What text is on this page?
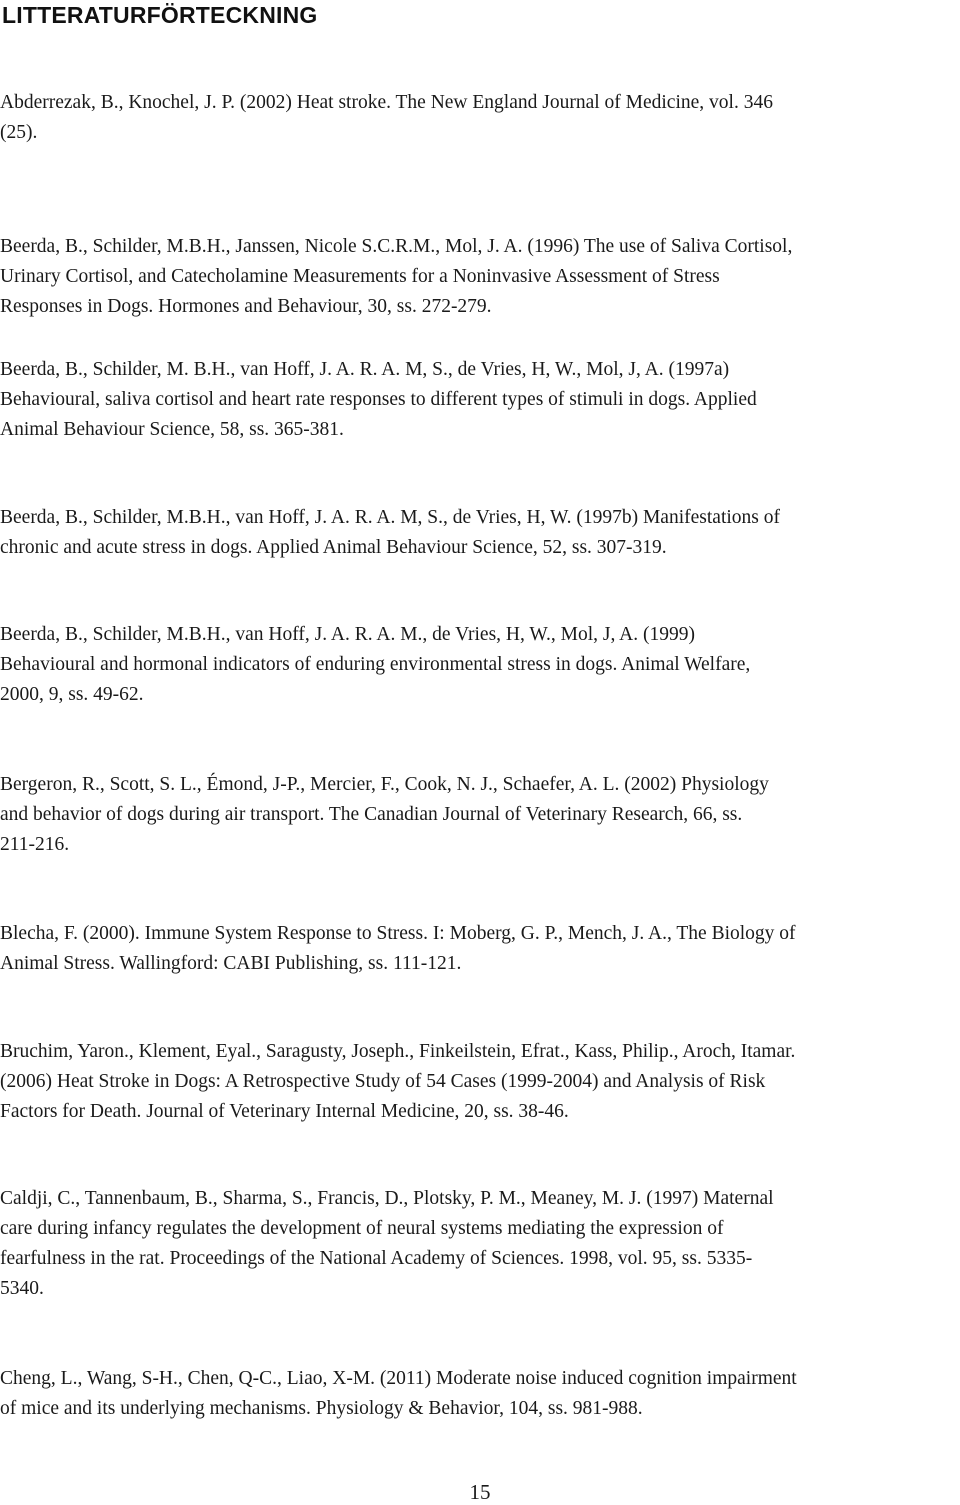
LITTERATURFÖRTECKNING
Abderrezak, B., Knochel, J. P. (2002) Heat stroke. The New England Journal of Medicine, vol. 346
(25).
Beerda, B., Schilder, M.B.H., Janssen, Nicole S.C.R.M., Mol, J. A. (1996) The use of Saliva Cortisol,
Urinary Cortisol, and Catecholamine Measurements for a Noninvasive Assessment of Stress
Responses in Dogs. Hormones and Behaviour, 30, ss. 272-279.
Beerda, B., Schilder, M. B.H., van Hoff, J. A. R. A. M, S., de Vries, H, W., Mol, J, A. (1997a)
Behavioural, saliva cortisol and heart rate responses to different types of stimuli in dogs. Applied
Animal Behaviour Science, 58, ss. 365-381.
Beerda, B., Schilder, M.B.H., van Hoff, J. A. R. A. M, S., de Vries, H, W. (1997b) Manifestations of
chronic and acute stress in dogs. Applied Animal Behaviour Science, 52, ss. 307-319.
Beerda, B., Schilder, M.B.H., van Hoff, J. A. R. A. M., de Vries, H, W., Mol, J, A. (1999)
Behavioural and hormonal indicators of enduring environmental stress in dogs. Animal Welfare,
2000, 9, ss. 49-62.
Bergeron, R., Scott, S. L., Émond, J-P., Mercier, F., Cook, N. J., Schaefer, A. L. (2002) Physiology
and behavior of dogs during air transport. The Canadian Journal of Veterinary Research, 66, ss.
211-216.
Blecha, F. (2000). Immune System Response to Stress. I: Moberg, G. P., Mench, J. A., The Biology of
Animal Stress. Wallingford: CABI Publishing, ss. 111-121.
Bruchim, Yaron., Klement, Eyal., Saragusty, Joseph., Finkeilstein, Efrat., Kass, Philip., Aroch, Itamar.
(2006) Heat Stroke in Dogs: A Retrospective Study of 54 Cases (1999-2004) and Analysis of Risk
Factors for Death. Journal of Veterinary Internal Medicine, 20, ss. 38-46.
Caldji, C., Tannenbaum, B., Sharma, S., Francis, D., Plotsky, P. M., Meaney, M. J. (1997) Maternal
care during infancy regulates the development of neural systems mediating the expression of
fearfulness in the rat. Proceedings of the National Academy of Sciences. 1998, vol. 95, ss. 5335-
5340.
Cheng, L., Wang, S-H., Chen, Q-C., Liao, X-M. (2011) Moderate noise induced cognition impairment
of mice and its underlying mechanisms. Physiology & Behavior, 104, ss. 981-988.
15
